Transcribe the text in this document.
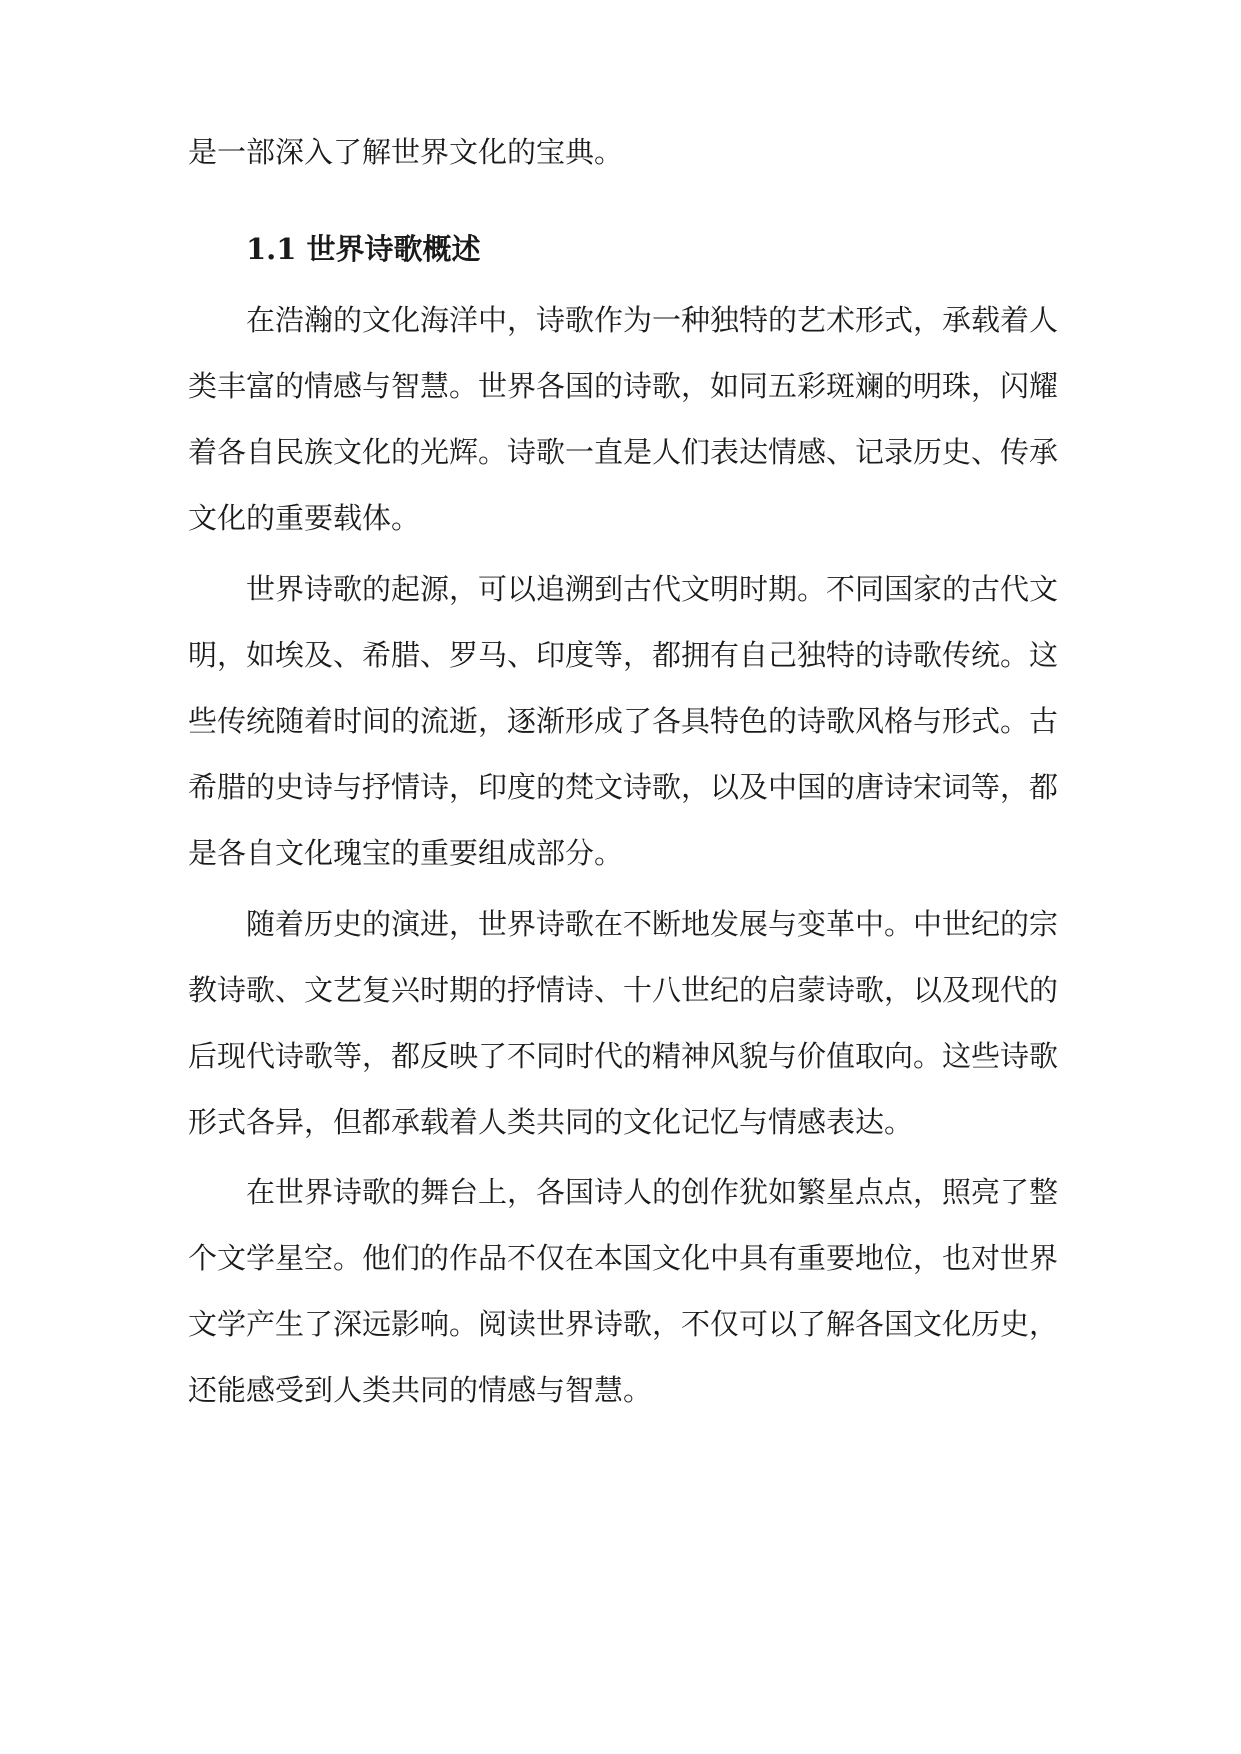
是一部深入了解世界文化的宝典。
1.1 世界诗歌概述
在浩瀚的文化海洋中，诗歌作为一种独特的艺术形式，承载着人
类丰富的情感与智慧。世界各国的诗歌，如同五彩斑斓的明珠，闪耀
着各自民族文化的光辉。诗歌一直是人们表达情感、记录历史、传承
文化的重要载体。
世界诗歌的起源，可以追溯到古代文明时期。不同国家的古代文
明，如埃及、希腊、罗马、印度等，都拥有自己独特的诗歌传统。这
些传统随着时间的流逝，逐渐形成了各具特色的诗歌风格与形式。古
希腊的史诗与抒情诗，印度的梵文诗歌，以及中国的唐诗宋词等，都
是各自文化瑰宝的重要组成部分。
随着历史的演进，世界诗歌在不断地发展与变革中。中世纪的宗
教诗歌、文艺复兴时期的抒情诗、十八世纪的启蒙诗歌，以及现代的
后现代诗歌等，都反映了不同时代的精神风貌与价值取向。这些诗歌
形式各异，但都承载着人类共同的文化记忆与情感表达。
在世界诗歌的舞台上，各国诗人的创作犹如繁星点点，照亮了整
个文学星空。他们的作品不仅在本国文化中具有重要地位，也对世界
文学产生了深远影响。阅读世界诗歌，不仅可以了解各国文化历史，
还能感受到人类共同的情感与智慧。
